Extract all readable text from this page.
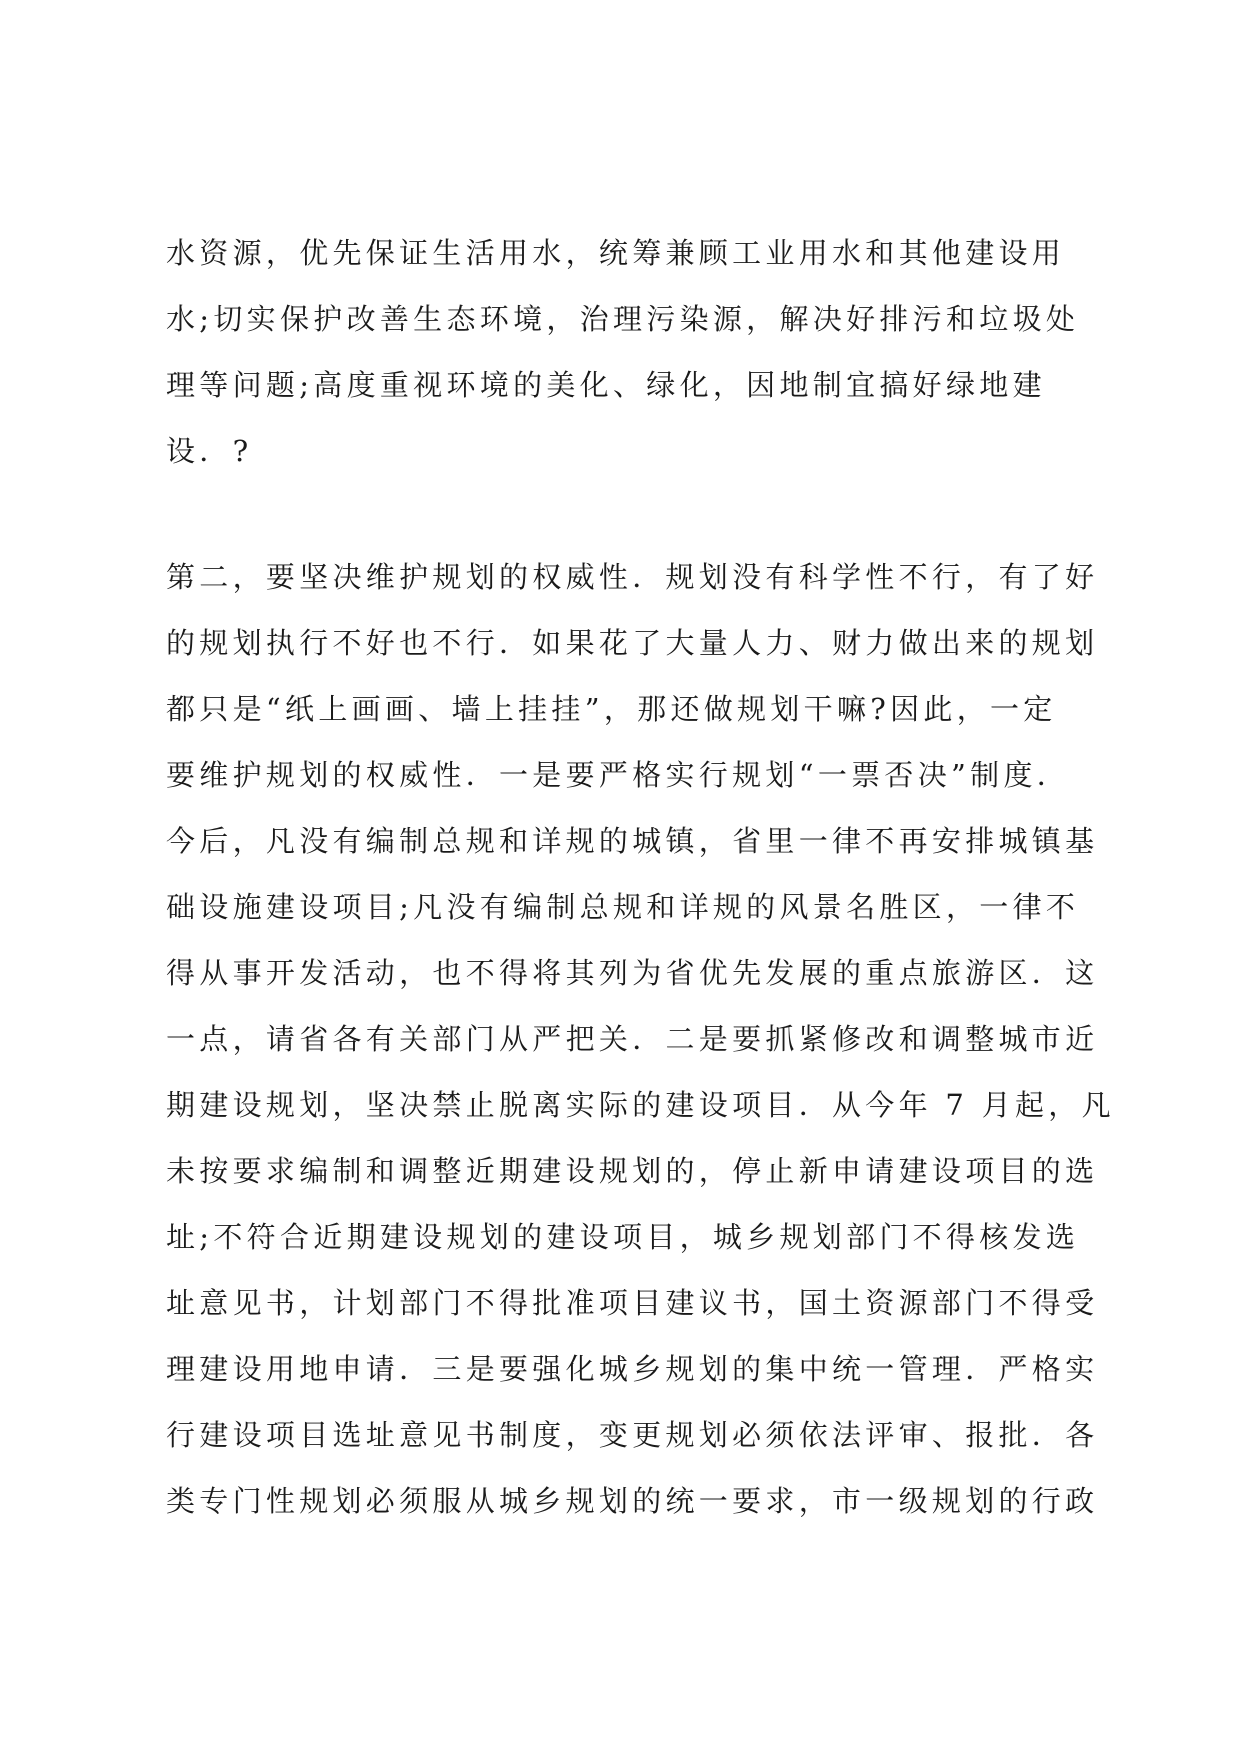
水资源，优先保证生活用水，统筹兼顾工业用水和其他建设用
水;切实保护改善生态环境，治理污染源，解决好排污和垃圾处
理等问题;高度重视环境的美化、绿化，因地制宜搞好绿地建
设．?
第二，要坚决维护规划的权威性．规划没有科学性不行，有了好
的规划执行不好也不行．如果花了大量人力、财力做出来的规划
都只是“纸上画画、墙上挂挂”，那还做规划干嘛?因此，一定
要维护规划的权威性．一是要严格实行规划“一票否决”制度．
今后，凡没有编制总规和详规的城镇，省里一律不再安排城镇基
础设施建设项目;凡没有编制总规和详规的风景名胜区，一律不
得从事开发活动，也不得将其列为省优先发展的重点旅游区．这
一点，请省各有关部门从严把关．二是要抓紧修改和调整城市近
期建设规划，坚决禁止脱离实际的建设项目．从今年 7 月起，凡
未按要求编制和调整近期建设规划的，停止新申请建设项目的选
址;不符合近期建设规划的建设项目，城乡规划部门不得核发选
址意见书，计划部门不得批准项目建议书，国土资源部门不得受
理建设用地申请．三是要强化城乡规划的集中统一管理．严格实
行建设项目选址意见书制度，变更规划必须依法评审、报批．各
类专门性规划必须服从城乡规划的统一要求，市一级规划的行政
